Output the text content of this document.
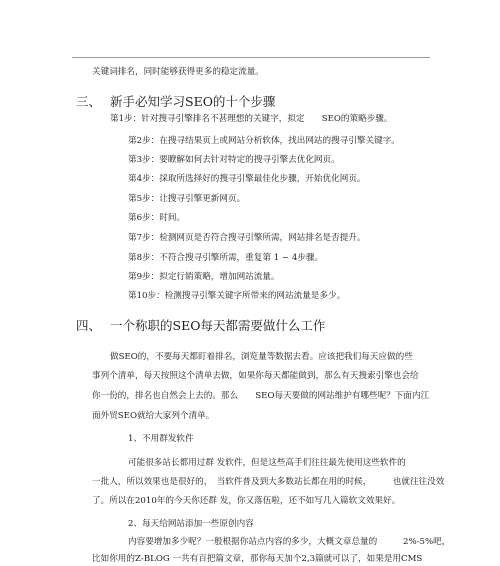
关键词排名，同时能够获得更多的稳定流量。
三、 新手必知学习SEO的十个步骤
第1步：针对搜寻引擎排名不甚理想的关键字，拟定　　SEO的策略步骤。
第2步：在搜寻结果页上或网站分析软体，找出网站的搜寻引擎关键字。
第3步：要瞭解如何去针对特定的搜寻引擎去优化网页。
第4步：採取所选择好的搜寻引擎最佳化步骤，开始优化网页。
第5步：让搜寻引擎更新网页。
第6步：时间。
第7步：检测网页是否符合搜寻引擎所需，网站排名是否提升。
第8步：不符合搜寻引擎所需，重复第 1 ~ 4步骤。
第9步：拟定行销策略，增加网站流量。
第10步：检测搜寻引擎关键字所带来的网站流量是多少。
四、 一个称职的SEO每天都需要做什么工作
做SEO的，不要每天都盯着排名，浏览量等数据去看。应该把我们每天应做的些
事列个清单，每天按照这个清单去做，如果你每天都能做到，那么有天搜索引擎也会给
你一份的，排名也自然会上去的。那么　　SEO每天要做的网站维护有哪些呢？下面内江
面外贸SEO就给大家列个清单。
1、不用群发软件
可能很多站长都用过群 发软件，但是这些高手们往往最先使用这些软件的
一批人，所以效果也是很好的，　当软件普及到大多数站长都在用的时候，　　　也就往往没效
了。所以在2010年的今天你还群 发，你又落伍啦，还不如写几入篇软文效果好。
2、每天给网站添加一些原创内容
内容要增加多少呢？一般根据你站点内容的多少，大概文章总量的　　　2%-5%吧，
比如你用的Z-BLOG 一共有百把篇文章，那你每天加个2,3篇就可以了，如果是用CMS
